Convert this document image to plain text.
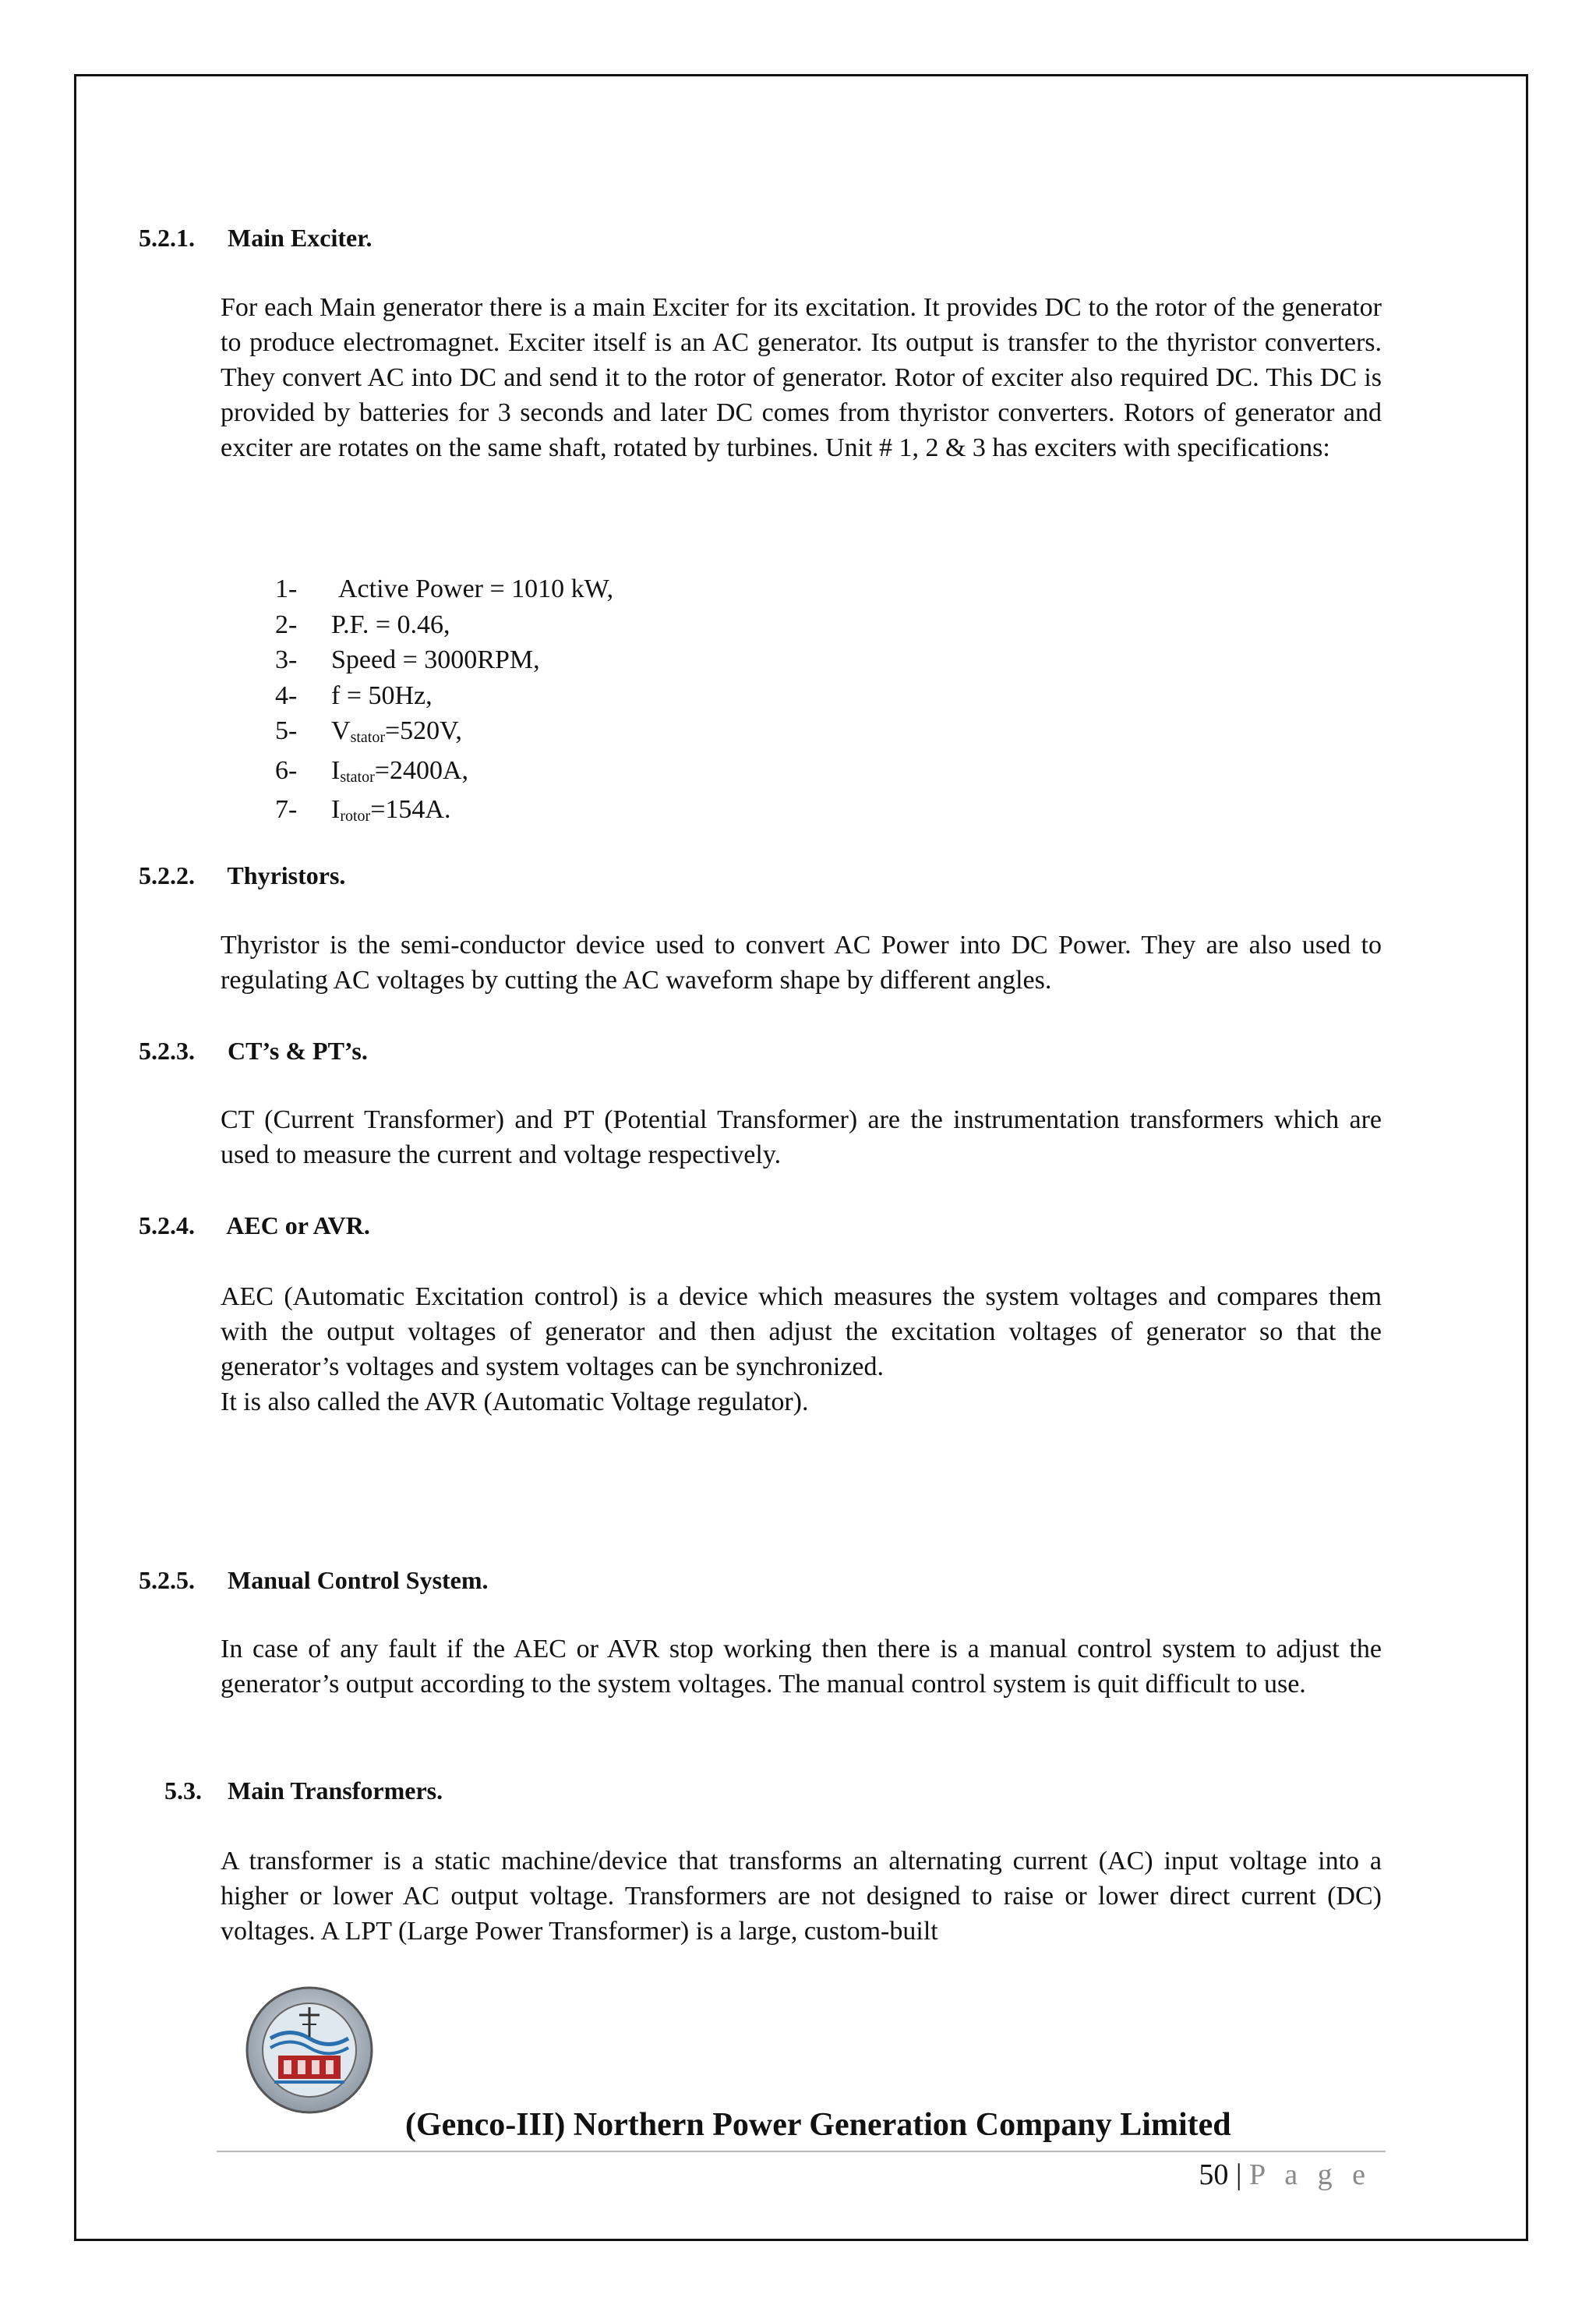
5.2.1. Main Exciter.

For each Main generator there is a main Exciter for its excitation. It provides DC to the rotor of the generator to produce electromagnet. Exciter itself is an AC generator. Its output is transfer to the thyristor converters. They convert AC into DC and send it to the rotor of generator. Rotor of exciter also required DC. This DC is provided by batteries for 3 seconds and later DC comes from thyristor converters. Rotors of generator and exciter are rotates on the same shaft, rotated by turbines. Unit # 1, 2 & 3 has exciters with specifications:

1- Active Power = 1010 kW,
2- P.F. = 0.46,
3- Speed = 3000RPM,
4- f = 50Hz,
5- $V_{stator}=520V$,
6- $I_{stator}=2400A$,
7- $I_{rotor}=154A$.
5.2.2. Thyristors.

Thyristor is the semi-conductor device used to convert AC Power into DC Power. They are also used to regulating AC voltages by cutting the AC waveform shape by different angles.

5.2.3. CT’s & PT’s.

CT (Current Transformer) and PT (Potential Transformer) are the instrumentation transformers which are used to measure the current and voltage respectively.

5.2.4. AEC or AVR.

AEC (Automatic Excitation control) is a device which measures the system voltages and compares them with the output voltages of generator and then adjust the excitation voltages of generator so that the generator’s voltages and system voltages can be synchronized.

It is also called the AVR (Automatic Voltage regulator).

5.2.5. Manual Control System.

In case of any fault if the AEC or AVR stop working then there is a manual control system to adjust the generator’s output according to the system voltages. The manual control system is quit difficult to use.

5.3. Main Transformers.

A transformer is a static machine/device that transforms an alternating current (AC) input voltage into a higher or lower AC output voltage. Transformers are not designed to raise or lower direct current (DC) voltages. A LPT (Large Power Transformer) is a large, custom-built

(Genco-III) Northern Power Generation Company Limited
50 | P a g e
